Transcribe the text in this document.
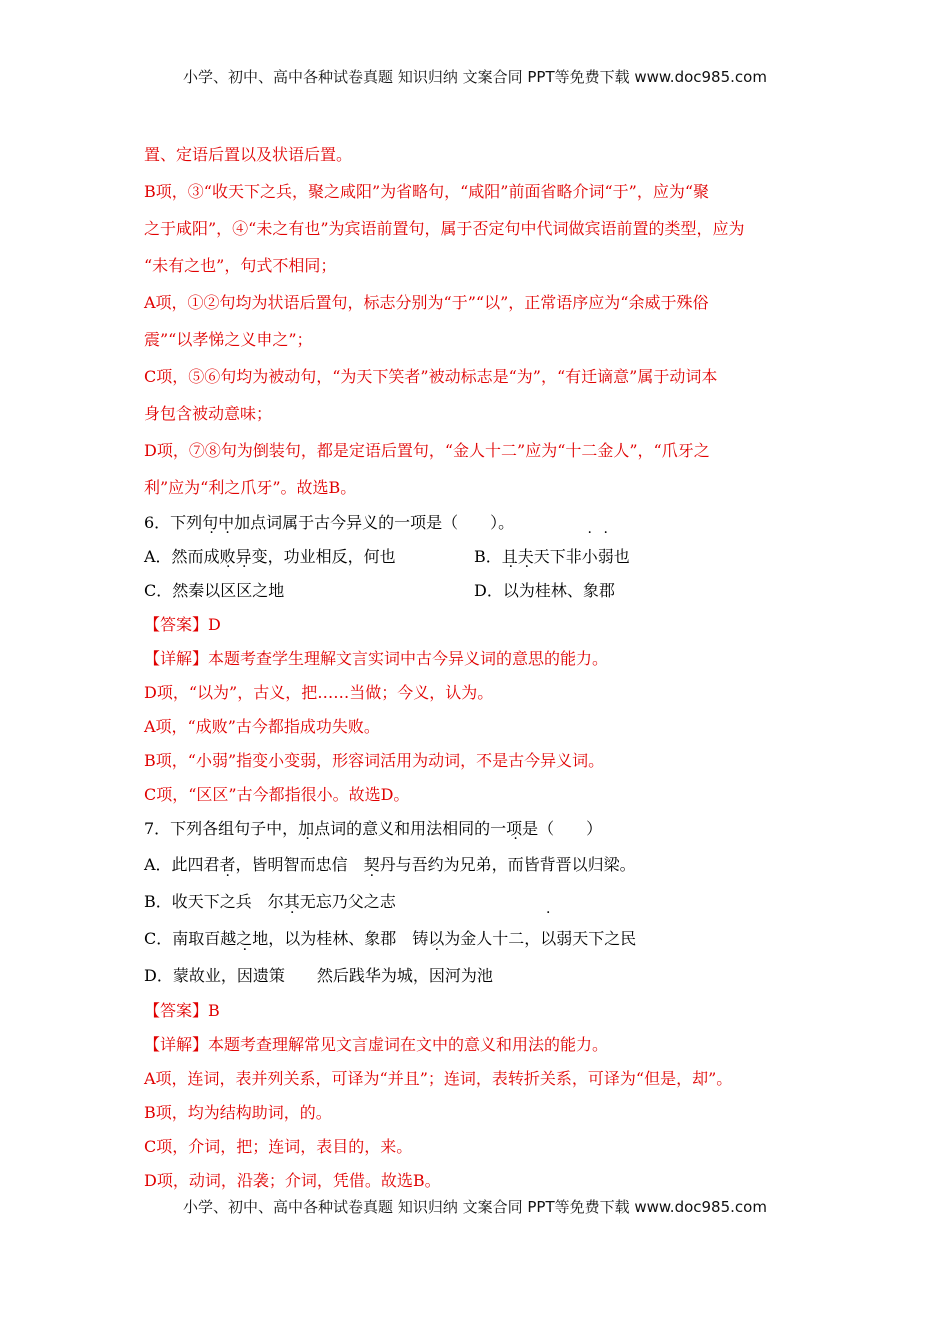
小学、初中、高中各种试卷真题 知识归纳 文案合同 PPT等免费下载 www.doc985.com
置、定语后置以及状语后置。
B项，③“收天下之兵，聚之咸阳”为省略句，“咸阳”前面省略介词“于”，应为“聚
之于咸阳”，④“未之有也”为宾语前置句，属于否定句中代词做宾语前置的类型，应为
“未有之也”，句式不相同；
A项，①②句均为状语后置句，标志分别为“于”“以”，正常语序应为“余威于殊俗
震”“以孝悌之义申之”；
C项，⑤⑥句均为被动句，“为天下笑者”被动标志是“为”，“有迁谪意”属于动词本
身包含被动意味；
D项，⑦⑧句为倒装句，都是定语后置句，“金人十二”应为“十二金人”，“爪牙之
利”应为“利之爪牙”。故选B。
6．下列句中加点词属于古今异义的一项是（　　）。
A．然而成败异变，功业相反，何也	B．且夫天下非小弱也
C．然秦以区区之地	D．以为桂林、象郡
【答案】D
【详解】本题考查学生理解文言实词中古今异义词的意思的能力。
D项，“以为”，古义，把……当做；今义，认为。
A项，“成败”古今都指成功失败。
B项，“小弱”指变小变弱，形容词活用为动词，不是古今异义词。
C项，“区区”古今都指很小。故选D。
7．下列各组句子中，加点词的意义和用法相同的一项是（　　）
A．此四君者，皆明智而忠信　契丹与吾约为兄弟，而皆背晋以归梁。
B．收天下之兵　尔其无忘乃父之志
C．南取百越之地，以为桂林、象郡　铸以为金人十二，以弱天下之民
D．蒙故业，因遗策　　然后践华为城，因河为池
【答案】B
【详解】本题考查理解常见文言虚词在文中的意义和用法的能力。
A项，连词，表并列关系，可译为“并且”；连词，表转折关系，可译为“但是，却”。
B项，均为结构助词，的。
C项，介词，把；连词，表目的，来。
D项，动词，沿袭；介词，凭借。故选B。
小学、初中、高中各种试卷真题 知识归纳 文案合同 PPT等免费下载 www.doc985.com
